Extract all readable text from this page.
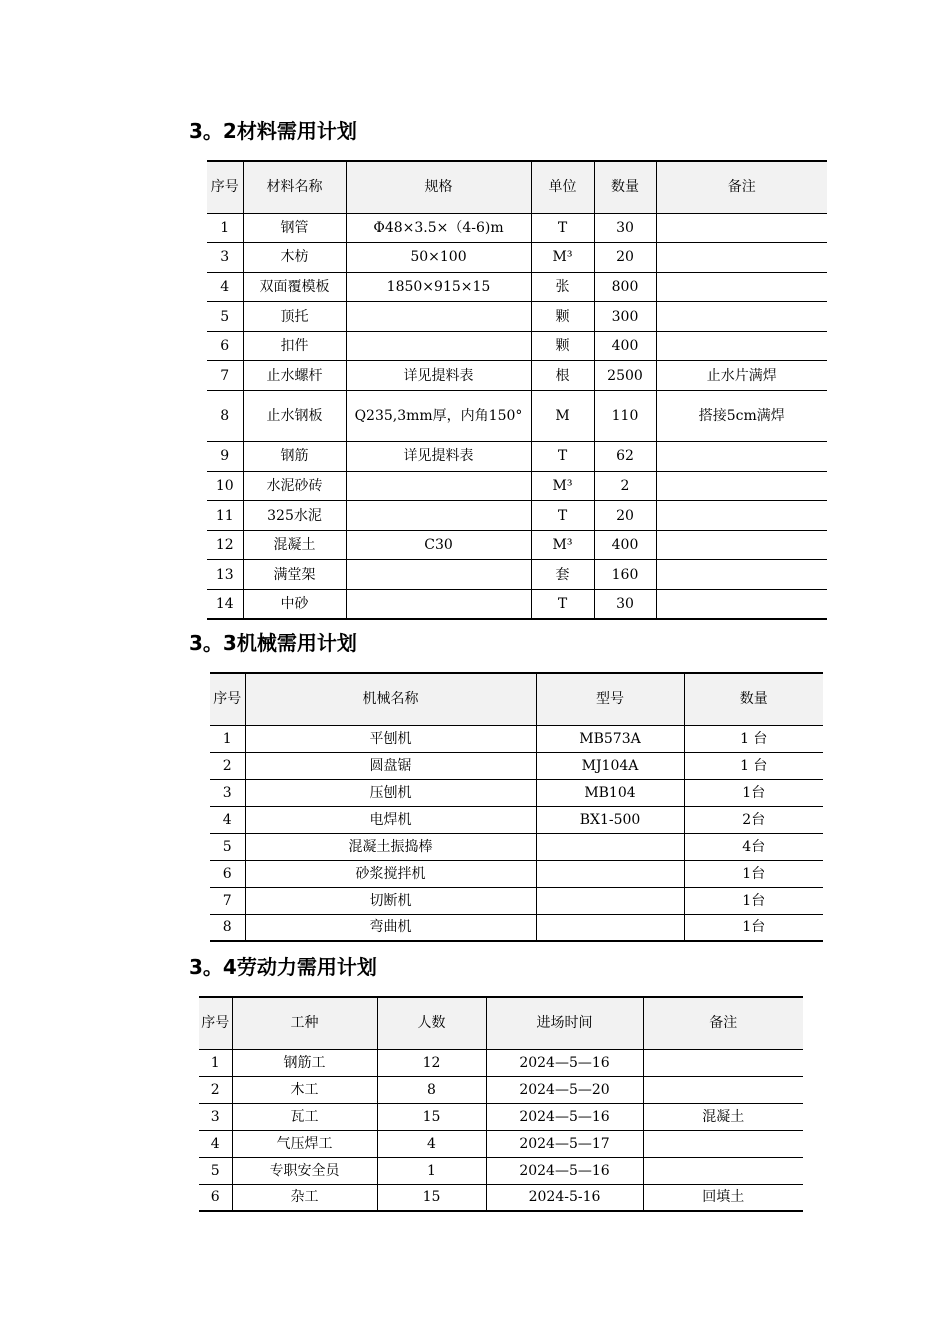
3。2材料需用计划
序号	材料名称	规格	单位	数量	备注
1	钢管	Φ48×3.5×（4-6)m	T	30	
3	木枋	50×100	M³	20	
4	双面覆模板	1850×915×15	张	800	
5	顶托		颗	300	
6	扣件		颗	400	
7	止水螺杆	详见提料表	根	2500	止水片满焊
8	止水钢板	Q235,3mm厚，内角150°	M	110	搭接5cm满焊
9	钢筋	详见提料表	T	62	
10	水泥砂砖		M³	2	
11	325水泥		T	20	
12	混凝土	C30	M³	400	
13	满堂架		套	160	
14	中砂		T	30	
3。3机械需用计划
序号	机械名称	型号	数量
1	平刨机	MB573A	1 台
2	圆盘锯	MJ104A	1 台
3	压刨机	MB104	1台
4	电焊机	BX1-500	2台
5	混凝土振捣棒		4台
6	砂浆搅拌机		1台
7	切断机		1台
8	弯曲机		1台
3。4劳动力需用计划
序号	工种	人数	进场时间	备注
1	钢筋工	12	2024—5—16	
2	木工	8	2024—5—20	
3	瓦工	15	2024—5—16	混凝土
4	气压焊工	4	2024—5—17	
5	专职安全员	1	2024—5—16	
6	杂工	15	2024-5-16	回填土
